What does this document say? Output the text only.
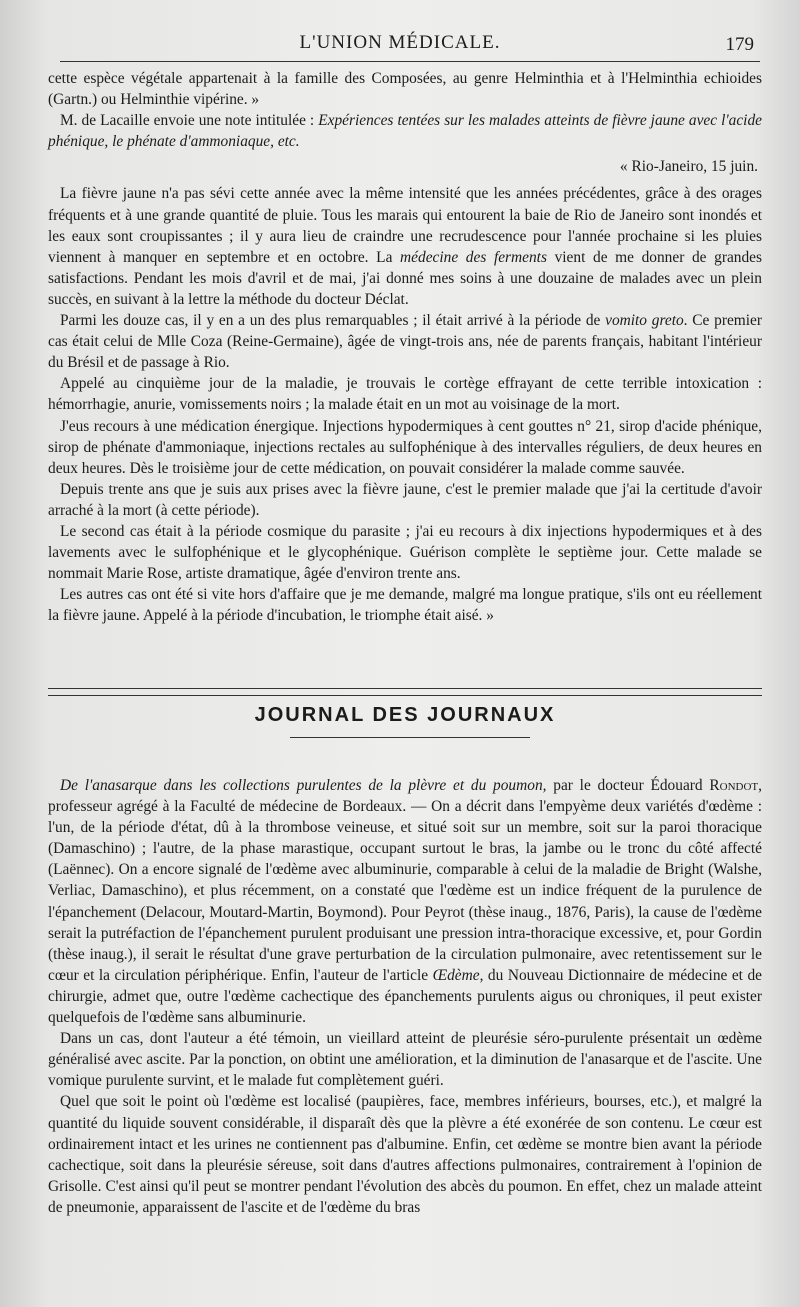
L'UNION MÉDICALE.	179

cette espèce végétale appartenait à la famille des Composées, au genre Helminthia et à l'Helminthia echioides (Gartn.) ou Helminthie vipérine. »

M. de Lacaille envoie une note intitulée : Expériences tentées sur les malades atteints de fièvre jaune avec l'acide phénique, le phénate d'ammoniaque, etc.

« Rio-Janeiro, 15 juin.

La fièvre jaune n'a pas sévi cette année avec la même intensité que les années précédentes, grâce à des orages fréquents et à une grande quantité de pluie. Tous les marais qui entourent la baie de Rio de Janeiro sont inondés et les eaux sont croupissantes ; il y aura lieu de craindre une recrudescence pour l'année prochaine si les pluies viennent à manquer en septembre et en octobre. La médecine des ferments vient de me donner de grandes satisfactions. Pendant les mois d'avril et de mai, j'ai donné mes soins à une douzaine de malades avec un plein succès, en suivant à la lettre la méthode du docteur Déclat.

Parmi les douze cas, il y en a un des plus remarquables ; il était arrivé à la période de vomito greto. Ce premier cas était celui de Mlle Coza (Reine-Germaine), âgée de vingt-trois ans, née de parents français, habitant l'intérieur du Brésil et de passage à Rio.

Appelé au cinquième jour de la maladie, je trouvais le cortège effrayant de cette terrible intoxication : hémorrhagie, anurie, vomissements noirs ; la malade était en un mot au voisinage de la mort.

J'eus recours à une médication énergique. Injections hypodermiques à cent gouttes n° 21, sirop d'acide phénique, sirop de phénate d'ammoniaque, injections rectales au sulfophénique à des intervalles réguliers, de deux heures en deux heures. Dès le troisième jour de cette médication, on pouvait considérer la malade comme sauvée.

Depuis trente ans que je suis aux prises avec la fièvre jaune, c'est le premier malade que j'ai la certitude d'avoir arraché à la mort (à cette période).

Le second cas était à la période cosmique du parasite ; j'ai eu recours à dix injections hypodermiques et à des lavements avec le sulfophénique et le glycophénique. Guérison complète le septième jour. Cette malade se nommait Marie Rose, artiste dramatique, âgée d'environ trente ans.

Les autres cas ont été si vite hors d'affaire que je me demande, malgré ma longue pratique, s'ils ont eu réellement la fièvre jaune. Appelé à la période d'incubation, le triomphe était aisé. »

JOURNAL DES JOURNAUX

De l'anasarque dans les collections purulentes de la plèvre et du poumon, par le docteur Édouard Rondot, professeur agrégé à la Faculté de médecine de Bordeaux. — On a décrit dans l'empyème deux variétés d'œdème : l'un, de la période d'état, dû à la thrombose veineuse, et situé soit sur un membre, soit sur la paroi thoracique (Damaschino) ; l'autre, de la phase marastique, occupant surtout le bras, la jambe ou le tronc du côté affecté (Laënnec). On a encore signalé de l'œdème avec albuminurie, comparable à celui de la maladie de Bright (Walshe, Verliac, Damaschino), et plus récemment, on a constaté que l'œdème est un indice fréquent de la purulence de l'épanchement (Delacour, Moutard-Martin, Boymond). Pour Peyrot (thèse inaug., 1876, Paris), la cause de l'œdème serait la putréfaction de l'épanchement purulent produisant une pression intra-thoracique excessive, et, pour Gordin (thèse inaug.), il serait le résultat d'une grave perturbation de la circulation pulmonaire, avec retentissement sur le cœur et la circulation périphérique. Enfin, l'auteur de l'article Œdème, du Nouveau Dictionnaire de médecine et de chirurgie, admet que, outre l'œdème cachectique des épanchements purulents aigus ou chroniques, il peut exister quelquefois de l'œdème sans albuminurie.

Dans un cas, dont l'auteur a été témoin, un vieillard atteint de pleurésie séro-purulente présentait un œdème généralisé avec ascite. Par la ponction, on obtint une amélioration, et la diminution de l'anasarque et de l'ascite. Une vomique purulente survint, et le malade fut complètement guéri.

Quel que soit le point où l'œdème est localisé (paupières, face, membres inférieurs, bourses, etc.), et malgré la quantité du liquide souvent considérable, il disparaît dès que la plèvre a été exonérée de son contenu. Le cœur est ordinairement intact et les urines ne contiennent pas d'albumine. Enfin, cet œdème se montre bien avant la période cachectique, soit dans la pleurésie séreuse, soit dans d'autres affections pulmonaires, contrairement à l'opinion de Grisolle. C'est ainsi qu'il peut se montrer pendant l'évolution des abcès du poumon. En effet, chez un malade atteint de pneumonie, apparaissent de l'ascite et de l'œdème du bras
